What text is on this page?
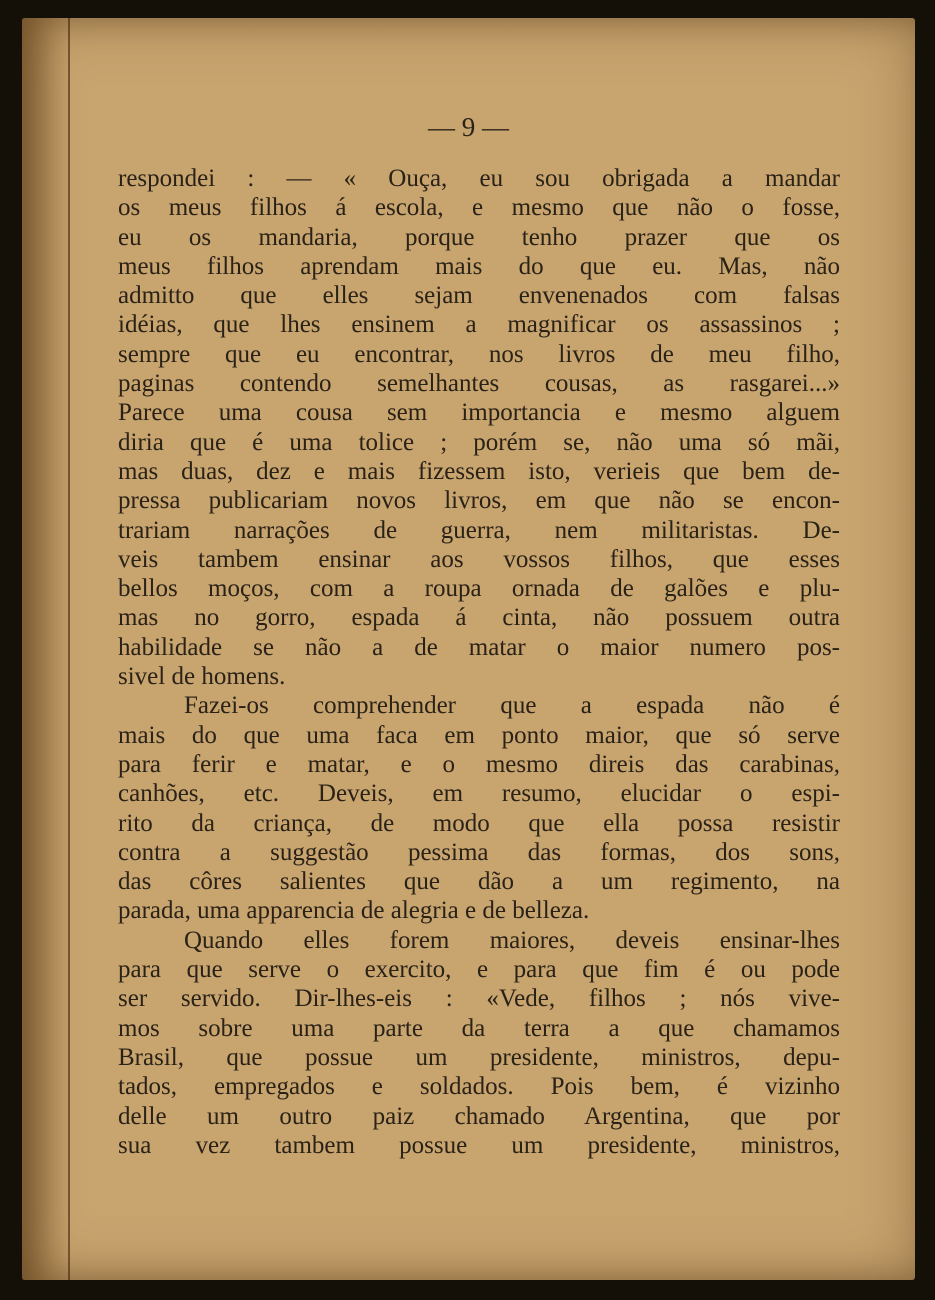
— 9 —
respondei : — « Ouça, eu sou obrigada a mandar
os meus filhos á escola, e mesmo que não o fosse,
eu os mandaria, porque tenho prazer que os
meus filhos aprendam mais do que eu. Mas, não
admitto que elles sejam envenenados com falsas
idéias, que lhes ensinem a magnificar os assassinos ;
sempre que eu encontrar, nos livros de meu filho,
paginas contendo semelhantes cousas, as rasgarei...»
Parece uma cousa sem importancia e mesmo alguem
diria que é uma tolice ; porém se, não uma só mãi,
mas duas, dez e mais fizessem isto, verieis que bem de-
pressa publicariam novos livros, em que não se encon-
trariam narrações de guerra, nem militaristas. De-
veis tambem ensinar aos vossos filhos, que esses
bellos moços, com a roupa ornada de galões e plu-
mas no gorro, espada á cinta, não possuem outra
habilidade se não a de matar o maior numero pos-
sivel de homens.
Fazei-os comprehender que a espada não é
mais do que uma faca em ponto maior, que só serve
para ferir e matar, e o mesmo direis das carabinas,
canhões, etc. Deveis, em resumo, elucidar o espi-
rito da criança, de modo que ella possa resistir
contra a suggestão pessima das formas, dos sons,
das côres salientes que dão a um regimento, na
parada, uma apparencia de alegria e de belleza.
Quando elles forem maiores, deveis ensinar-lhes
para que serve o exercito, e para que fim é ou pode
ser servido. Dir-lhes-eis : «Vede, filhos ; nós vive-
mos sobre uma parte da terra a que chamamos
Brasil, que possue um presidente, ministros, depu-
tados, empregados e soldados. Pois bem, é vizinho
delle um outro paiz chamado Argentina, que por
sua vez tambem possue um presidente, ministros,
